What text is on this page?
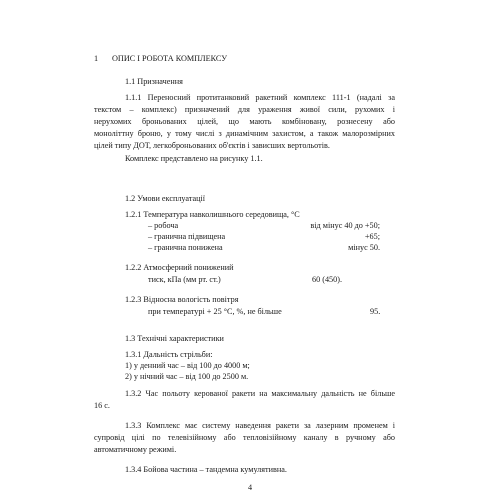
1 ОПИС І РОБОТА КОМПЛЕКСУ
1.1 Призначення
1.1.1 Переносний протитанковий ракетний комплекс 111-1 (надалі за
текстом – комплекс) призначений для ураження живої сили, рухомих і
нерухомих броньованих цілей, що мають комбіновану, рознесену або
моноліттну броню, у тому числі з динамічним захистом, а також малорозмірних
цілей типу ДОТ, легкоброньованих об'єктів і зависших вертольотів.
Комплекс представлено на рисунку 1.1.
1.2 Умови експлуатації
1.2.1 Температура навколишнього середовища, °С
– робоча	від мінус 40 до +50;
– гранична підвищена	+65;
– гранична понижена	мінус 50.
1.2.2 Атмосферний понижений
тиск, кПа (мм рт. ст.)	60 (450).
1.2.3 Відносна вологість повітря
при температурі + 25 °С, %, не більше	95.
1.3 Технічні характеристики
1.3.1 Дальність стрільби:
1) у денний час – від 100 до 4000 м;
2) у нічний час – від 100 до 2500 м.
1.3.2 Час польоту керованої ракети на максимальну дальність не більше
16 с.
1.3.3 Комплекс має систему наведення ракети за лазерним променем і
супровід цілі по телевізійному або тепловізійному каналу в ручному або
автоматичному режимі.
1.3.4 Бойова частина – тандемна кумулятивна.
4
